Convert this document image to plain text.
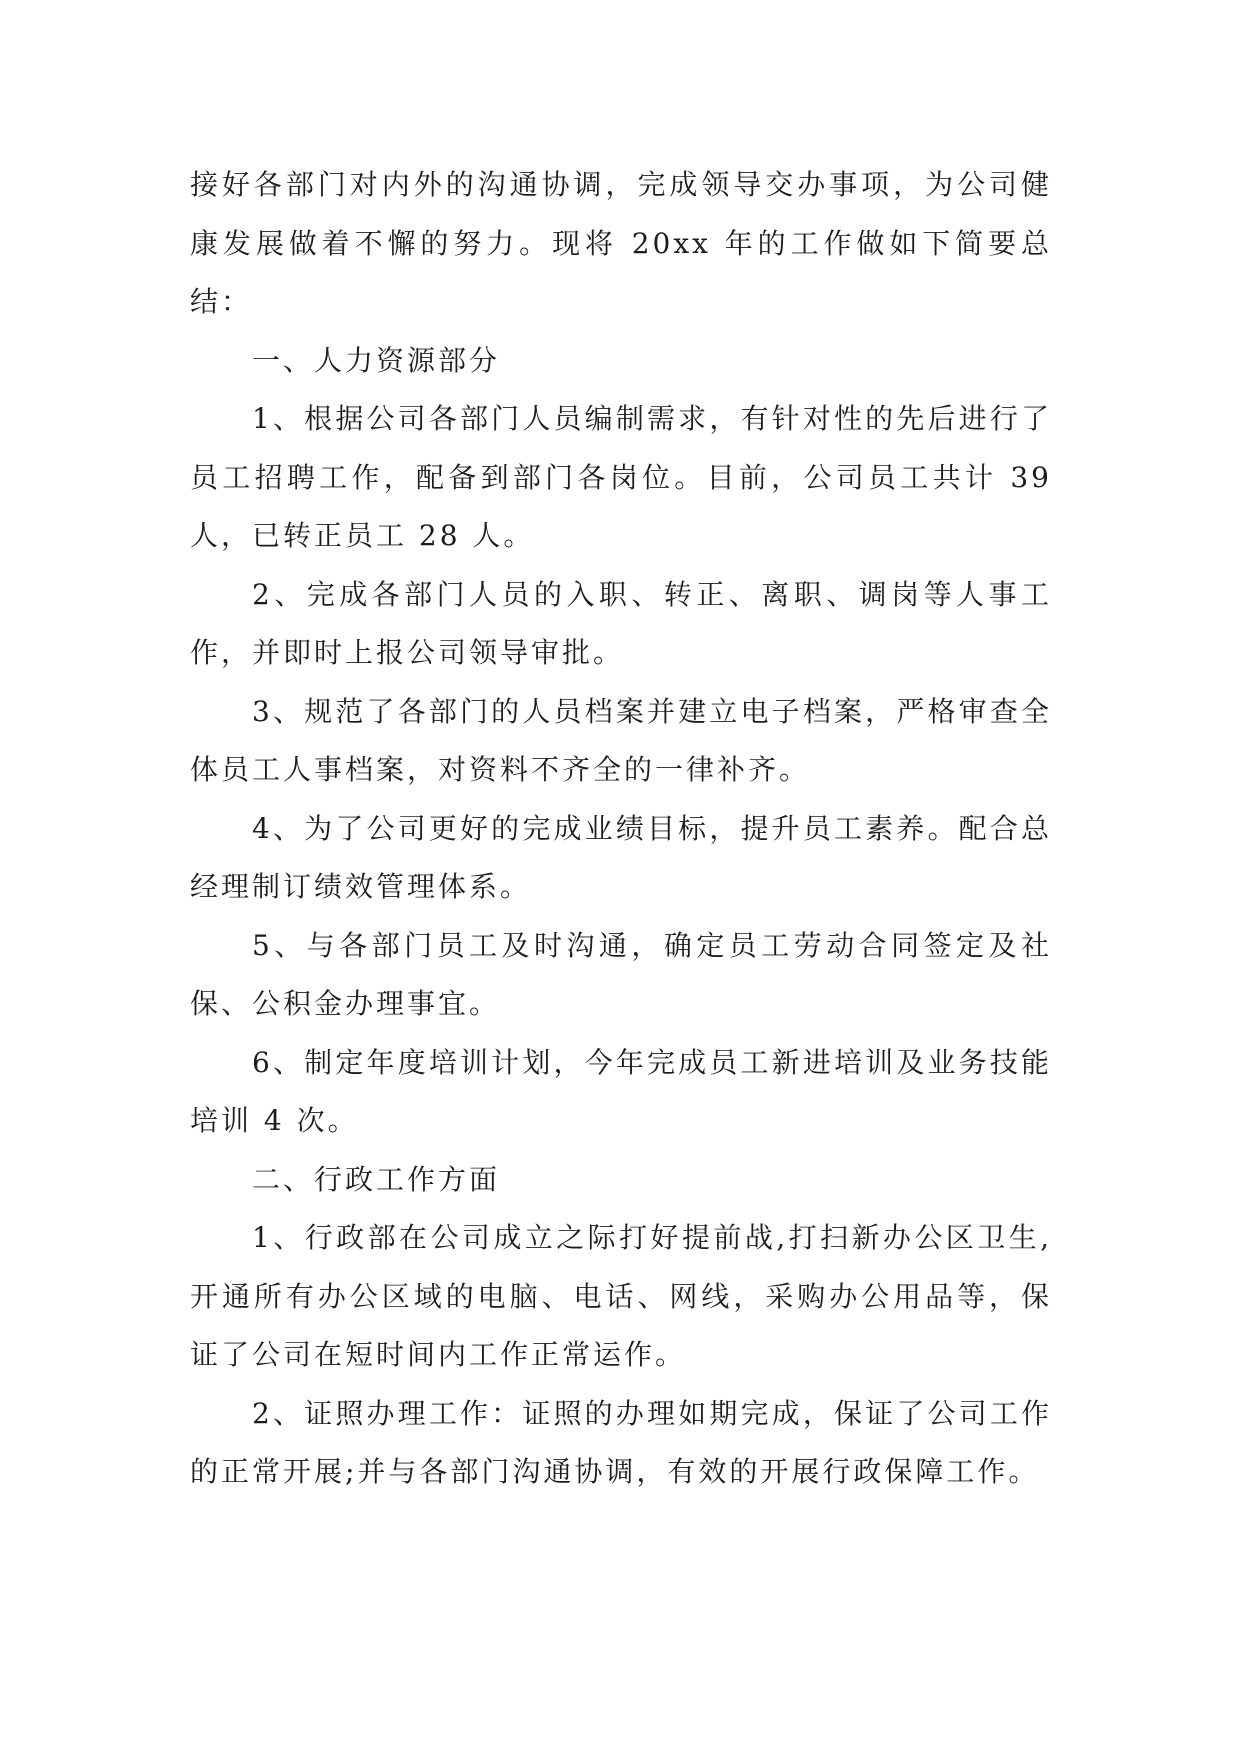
接好各部门对内外的沟通协调，完成领导交办事项，为公司健康发展做着不懈的努力。现将 20xx 年的工作做如下简要总结：

一、人力资源部分

1、根据公司各部门人员编制需求，有针对性的先后进行了员工招聘工作，配备到部门各岗位。目前，公司员工共计 39 人，已转正员工 28 人。

2、完成各部门人员的入职、转正、离职、调岗等人事工作，并即时上报公司领导审批。

3、规范了各部门的人员档案并建立电子档案，严格审查全体员工人事档案，对资料不齐全的一律补齐。

4、为了公司更好的完成业绩目标，提升员工素养。配合总经理制订绩效管理体系。

5、与各部门员工及时沟通，确定员工劳动合同签定及社保、公积金办理事宜。

6、制定年度培训计划，今年完成员工新进培训及业务技能培训 4 次。

二、行政工作方面

1、行政部在公司成立之际打好提前战,打扫新办公区卫生,开通所有办公区域的电脑、电话、网线，采购办公用品等，保证了公司在短时间内工作正常运作。

2、证照办理工作：证照的办理如期完成，保证了公司工作的正常开展;并与各部门沟通协调，有效的开展行政保障工作。
